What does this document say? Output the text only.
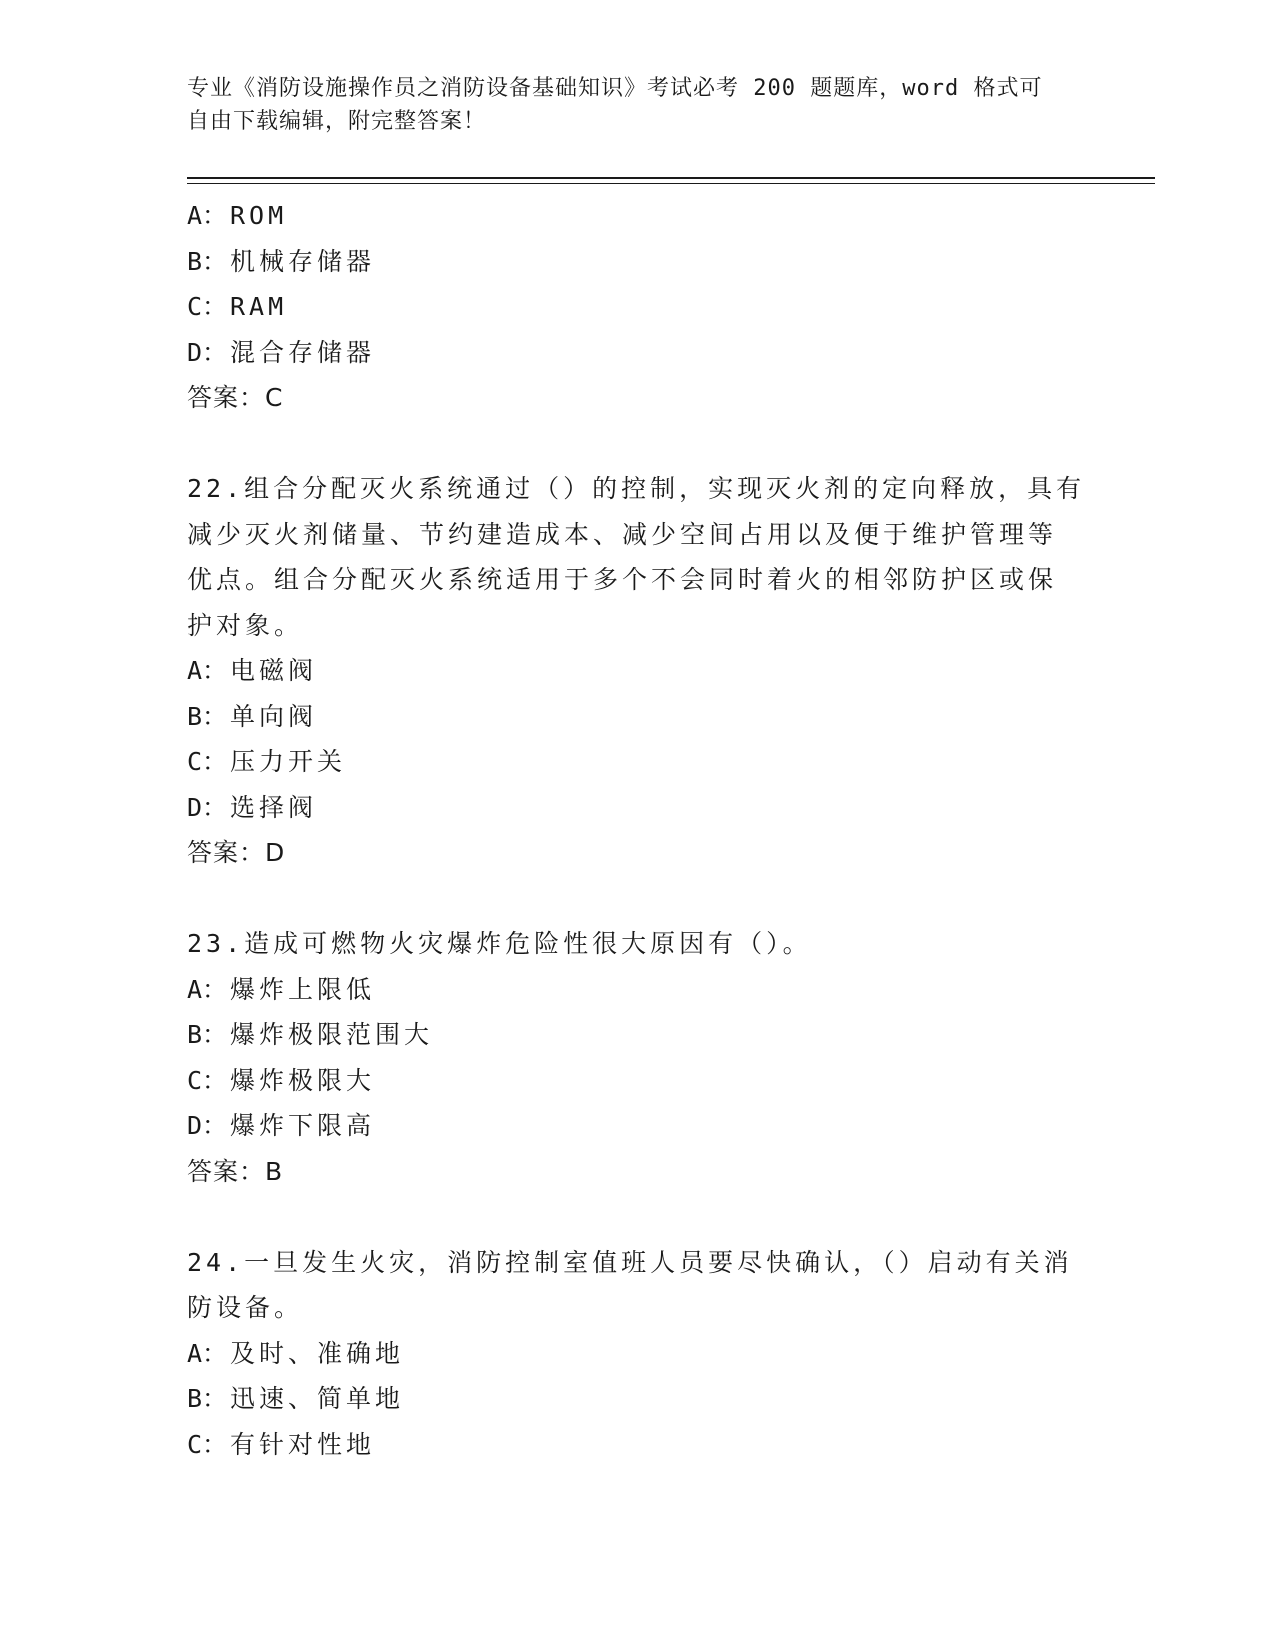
专业《消防设施操作员之消防设备基础知识》考试必考 200 题题库，word 格式可
自由下载编辑，附完整答案！
A： ROM
B： 机械存储器
C： RAM
D： 混合存储器
答案：C
22.组合分配灭火系统通过（）的控制，实现灭火剂的定向释放，具有
减少灭火剂储量、节约建造成本、减少空间占用以及便于维护管理等
优点。组合分配灭火系统适用于多个不会同时着火的相邻防护区或保
护对象。
A： 电磁阀
B： 单向阀
C： 压力开关
D： 选择阀
答案：D
23.造成可燃物火灾爆炸危险性很大原因有（）。
A： 爆炸上限低
B： 爆炸极限范围大
C： 爆炸极限大
D： 爆炸下限高
答案：B
24.一旦发生火灾，消防控制室值班人员要尽快确认，（）启动有关消
防设备。
A： 及时、准确地
B： 迅速、简单地
C： 有针对性地
